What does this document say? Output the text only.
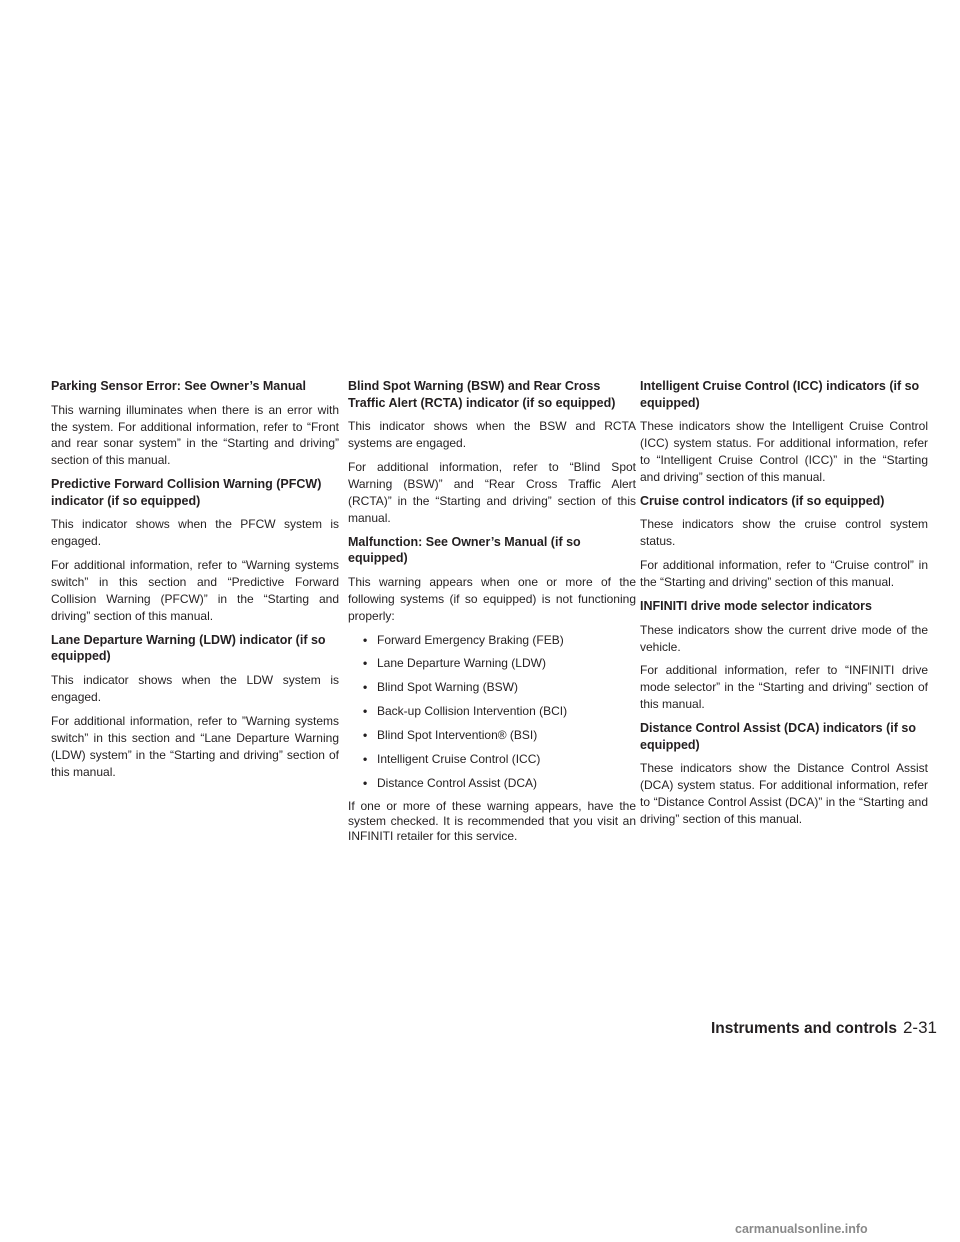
Parking Sensor Error: See Owner’s Manual

This warning illuminates when there is an error with the system. For additional information, refer to “Front and rear sonar system” in the “Starting and driving” section of this manual.

Predictive Forward Collision Warning (PFCW) indicator (if so equipped)

This indicator shows when the PFCW system is engaged.

For additional information, refer to “Warning systems switch” in this section and “Predictive Forward Collision Warning (PFCW)” in the “Starting and driving” section of this manual.

Lane Departure Warning (LDW) indicator (if so equipped)

This indicator shows when the LDW system is engaged.

For additional information, refer to ”Warning systems switch” in this section and “Lane Departure Warning (LDW) system” in the “Starting and driving” section of this manual.

Blind Spot Warning (BSW) and Rear Cross Traffic Alert (RCTA) indicator (if so equipped)

This indicator shows when the BSW and RCTA systems are engaged.

For additional information, refer to “Blind Spot Warning (BSW)” and “Rear Cross Traffic Alert (RCTA)” in the “Starting and driving” section of this manual.

Malfunction: See Owner’s Manual (if so equipped)

This warning appears when one or more of the following systems (if so equipped) is not functioning properly:

• Forward Emergency Braking (FEB)
• Lane Departure Warning (LDW)
• Blind Spot Warning (BSW)
• Back-up Collision Intervention (BCI)
• Blind Spot Intervention® (BSI)
• Intelligent Cruise Control (ICC)
• Distance Control Assist (DCA)

If one or more of these warning appears, have the system checked. It is recommended that you visit an INFINITI retailer for this service.

Intelligent Cruise Control (ICC) indicators (if so equipped)

These indicators show the Intelligent Cruise Control (ICC) system status. For additional information, refer to “Intelligent Cruise Control (ICC)” in the “Starting and driving” section of this manual.

Cruise control indicators (if so equipped)

These indicators show the cruise control system status.

For additional information, refer to “Cruise control” in the “Starting and driving” section of this manual.

INFINITI drive mode selector indicators

These indicators show the current drive mode of the vehicle.

For additional information, refer to “INFINITI drive mode selector” in the “Starting and driving” section of this manual.

Distance Control Assist (DCA) indicators (if so equipped)

These indicators show the Distance Control Assist (DCA) system status. For additional information, refer to “Distance Control Assist (DCA)” in the “Starting and driving” section of this manual.

Instruments and controls 2-31
carmanualsonline.info
